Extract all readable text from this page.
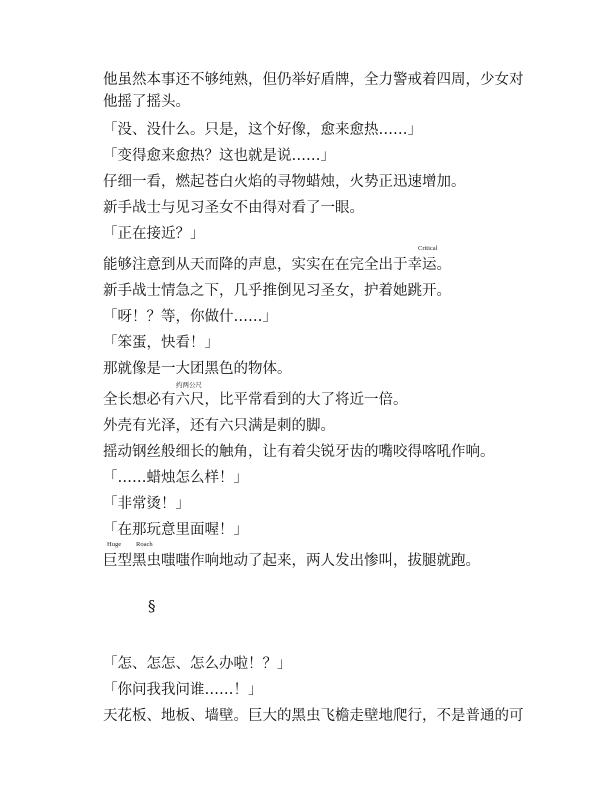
他虽然本事还不够纯熟，但仍举好盾牌，全力警戒着四周，少女对
他摇了摇头。
「没、没什么。只是，这个好像，愈来愈热……」
「变得愈来愈热？这也就是说……」
仔细一看，燃起苍白火焰的寻物蜡烛，火势正迅速增加。
新手战士与见习圣女不由得对看了一眼。
「正在接近？」
Critical
能够注意到从天而降的声息，实实在在完全出于幸运。
新手战士情急之下，几乎推倒见习圣女，护着她跳开。
「呀！？等，你做什……」
「笨蛋，快看！」
那就像是一大团黑色的物体。
约两公尺
全长想必有六尺，比平常看到的大了将近一倍。
外壳有光泽，还有六只满是刺的脚。
摇动钢丝般细长的触角，让有着尖锐牙齿的嘴咬得喀吼作响。
「……蜡烛怎么样！」
「非常烫！」
「在那玩意里面喔！」
Huge Roach
巨型黑虫嗤嗤作响地动了起来，两人发出惨叫，拔腿就跑。
§
「怎、怎怎、怎么办啦！？」
「你问我我问谁……！」
天花板、地板、墙壁。巨大的黑虫飞檐走壁地爬行，不是普通的可
